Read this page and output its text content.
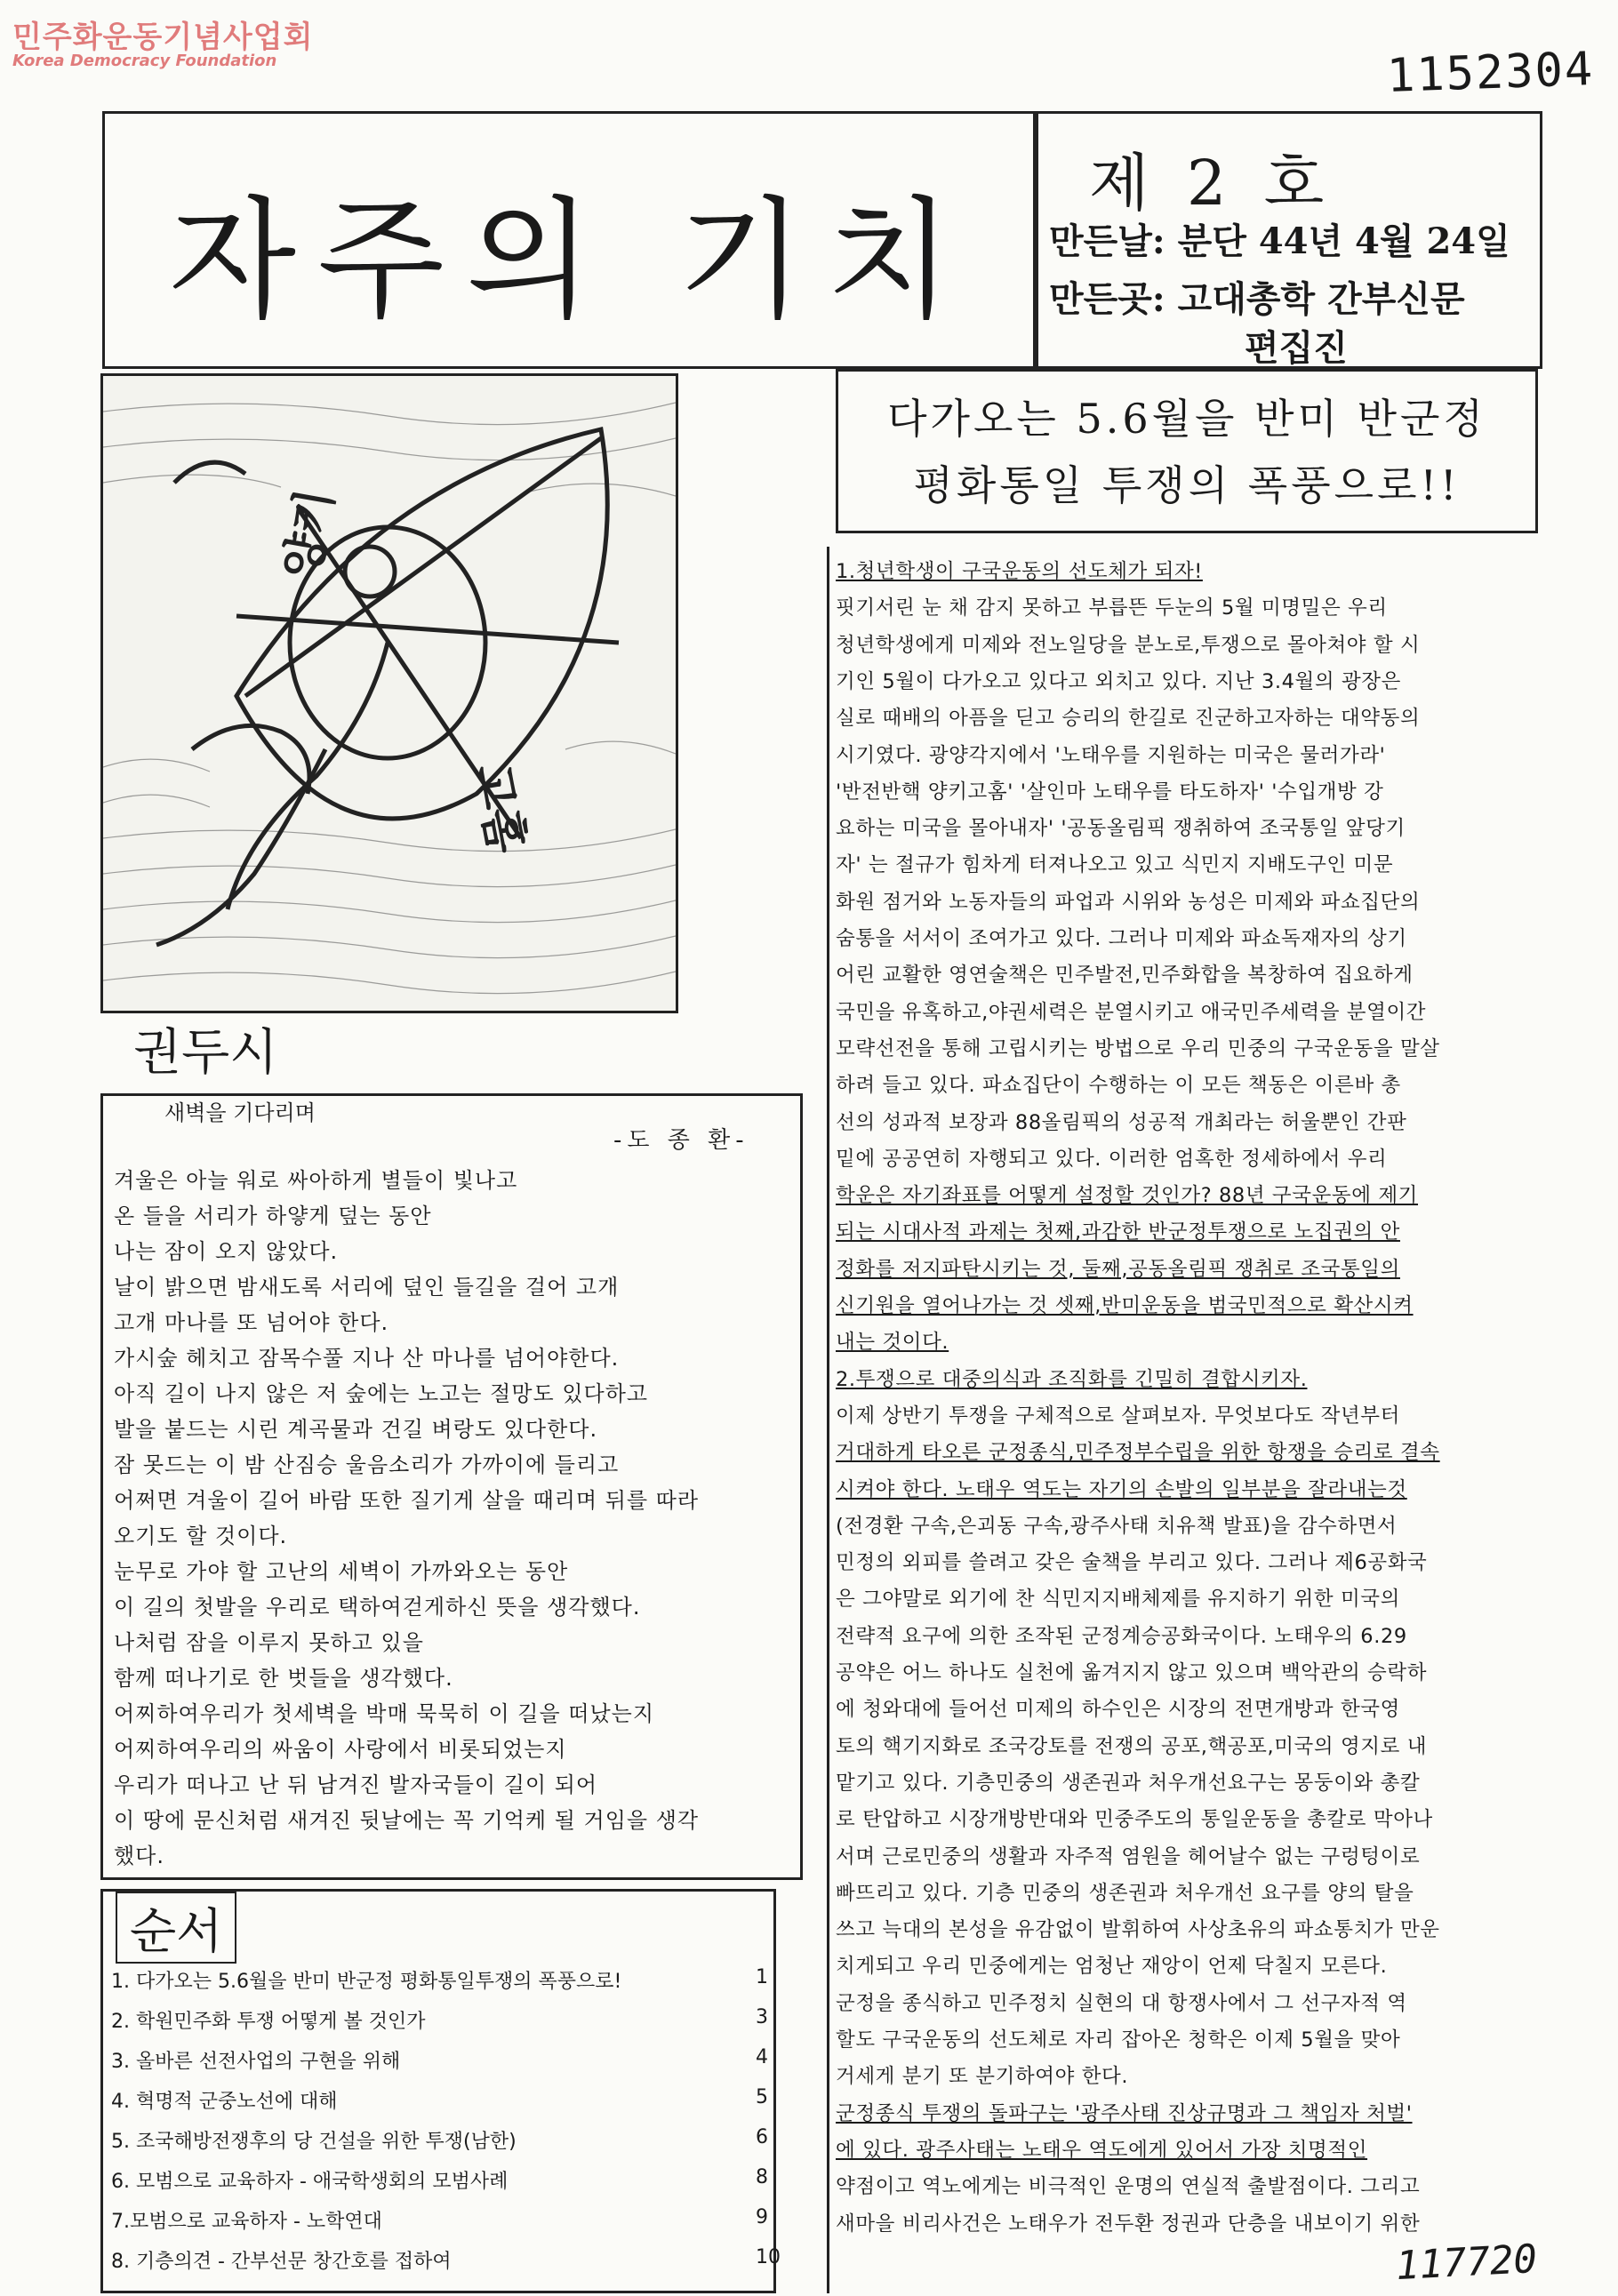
민주화운동기념사업회
Korea Democracy Foundation	1152304
117720
자주의 기치
제 2 호
만든날: 분단 44년 4월 24일
만든곳: 고대총학 간부신문
편집진
양키
고홈
다가오는 5.6월을 반미 반군정
평화통일 투쟁의 폭풍으로!!
권두시
새벽을 기다리며
-도 종 환-
겨울은 아늘 워로 싸아하게 별들이 빛나고
온 들을 서리가 하얗게 덮는 동안
나는 잠이 오지 않았다.
날이 밝으면 밤새도록 서리에 덮인 들길을 걸어 고개
고개 마나를 또 넘어야 한다.
가시숲 헤치고 잠목수풀 지나 산 마나를 넘어야한다.
아직 길이 나지 않은 저 숲에는 노고는 절망도 있다하고
발을 붙드는 시린 계곡물과 건길 벼랑도 있다한다.
잠 못드는 이 밤 산짐승 울음소리가 가까이에 들리고
어쩌면 겨울이 길어 바람 또한 질기게 살을 때리며 뒤를 따라
오기도 할 것이다.
눈무로 가야 할 고난의 세벽이 가까와오는 동안
이 길의 첫발을 우리로 택하여걷게하신 뜻을 생각했다.
나처럼 잠을 이루지 못하고 있을
함께 떠나기로 한 벗들을 생각했다.
어찌하여우리가 첫세벽을 박매 묵묵히 이 길을 떠났는지
어찌하여우리의 싸움이 사랑에서 비롯되었는지
우리가 떠나고 난 뒤 남겨진 발자국들이 길이 되어
이 땅에 문신처럼 새겨진 뒷날에는 꼭 기억케 될 거임을 생각
했다.
순서
1. 다가오는 5.6월을 반미 반군정 평화통일투쟁의 폭풍으로!	1
2. 학원민주화 투쟁 어떻게 볼 것인가	3
3. 올바른 선전사업의 구현을 위해	4
4. 혁명적 군중노선에 대해	5
5. 조국해방전쟁후의 당 건설을 위한 투쟁(남한)	6
6. 모범으로 교육하자 - 애국학생회의 모범사례	8
7.모범으로 교육하자 - 노학연대	9
8. 기층의견 - 간부선문 창간호를 접하여	10
1.청년학생이 구국운동의 선도체가 되자!
핏기서린 눈 채 감지 못하고 부릅뜬 두눈의 5월 미명밀은 우리
청년학생에게 미제와 전노일당을 분노로,투쟁으로 몰아쳐야 할 시
기인 5월이 다가오고 있다고 외치고 있다. 지난 3.4월의 광장은
실로 때배의 아픔을 딛고 승리의 한길로 진군하고자하는 대약동의
시기였다. 광양각지에서 '노태우를 지원하는 미국은 물러가라'
'반전반핵 양키고홈' '살인마 노태우를 타도하자' '수입개방 강
요하는 미국을 몰아내자' '공동올림픽 쟁취하여 조국통일 앞당기
자' 는 절규가 힘차게 터져나오고 있고 식민지 지배도구인 미문
화원 점거와 노동자들의 파업과 시위와 농성은 미제와 파쇼집단의
숨통을 서서이 조여가고 있다. 그러나 미제와 파쇼독재자의 상기
어린 교활한 영연술책은 민주발전,민주화합을 복창하여 집요하게
국민을 유혹하고,야권세력은 분열시키고 애국민주세력을 분열이간
모략선전을 통해 고립시키는 방법으로 우리 민중의 구국운동을 말살
하려 들고 있다. 파쇼집단이 수행하는 이 모든 책동은 이른바 총
선의 성과적 보장과 88올림픽의 성공적 개최라는 허울뿐인 간판
밑에 공공연히 자행되고 있다. 이러한 엄혹한 정세하에서 우리
학운은 자기좌표를 어떻게 설정할 것인가? 88년 구국운동에 제기
되는 시대사적 과제는 첫째,과감한 반군정투쟁으로 노집권의 안
정화를 저지파탄시키는 것, 둘째,공동올림픽 쟁취로 조국통일의
신기원을 열어나가는 것 셋째,반미운동을 범국민적으로 확산시켜
내는 것이다.
2.투쟁으로 대중의식과 조직화를 긴밀히 결합시키자.
이제 상반기 투쟁을 구체적으로 살펴보자. 무엇보다도 작년부터
거대하게 타오른 군정종식,민주정부수립을 위한 항쟁을 승리로 결속
시켜야 한다. 노태우 역도는 자기의 손발의 일부분을 잘라내는것
(전경환 구속,은괴동 구속,광주사태 치유책 발표)을 감수하면서
민정의 외피를 쓸려고 갖은 술책을 부리고 있다. 그러나 제6공화국
은 그야말로 외기에 찬 식민지지배체제를 유지하기 위한 미국의
전략적 요구에 의한 조작된 군정계승공화국이다. 노태우의 6.29
공약은 어느 하나도 실천에 옮겨지지 않고 있으며 백악관의 승락하
에 청와대에 들어선 미제의 하수인은 시장의 전면개방과 한국영
토의 핵기지화로 조국강토를 전쟁의 공포,핵공포,미국의 영지로 내
맡기고 있다. 기층민중의 생존권과 처우개선요구는 몽둥이와 총칼
로 탄압하고 시장개방반대와 민중주도의 통일운동을 총칼로 막아나
서며 근로민중의 생활과 자주적 염원을 헤어날수 없는 구렁텅이로
빠뜨리고 있다. 기층 민중의 생존권과 처우개선 요구를 양의 탈을
쓰고 늑대의 본성을 유감없이 발휘하여 사상초유의 파쇼통치가 만운
치게되고 우리 민중에게는 엄청난 재앙이 언제 닥칠지 모른다.
군정을 종식하고 민주정치 실현의 대 항쟁사에서 그 선구자적 역
할도 구국운동의 선도체로 자리 잡아온 청학은 이제 5월을 맞아
거세게 분기 또 분기하여야 한다.
군정종식 투쟁의 돌파구는 '광주사태 진상규명과 그 책임자 처벌'
에 있다. 광주사태는 노태우 역도에게 있어서 가장 치명적인
약점이고 역노에게는 비극적인 운명의 연실적 출발점이다. 그리고
새마을 비리사건은 노태우가 전두환 정권과 단층을 내보이기 위한
